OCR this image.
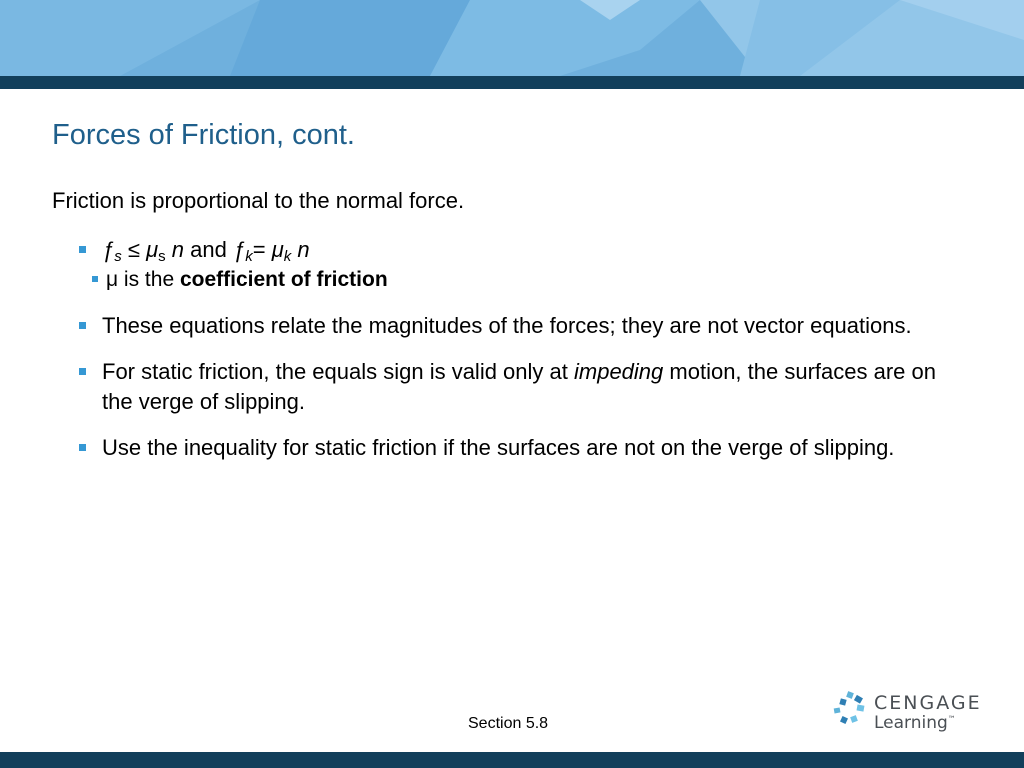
Forces of Friction, cont.

Friction is proportional to the normal force.

$ƒ_s \le \mu_s$ n and $ƒ_k= \mu_k$ n
μ is the coefficient of friction
These equations relate the magnitudes of the forces; they are not vector equations.
For static friction, the equals sign is valid only at impeding motion, the surfaces are on the verge of slipping.
Use the inequality for static friction if the surfaces are not on the verge of slipping.
Section 5.8
CENGAGE
Learning™
